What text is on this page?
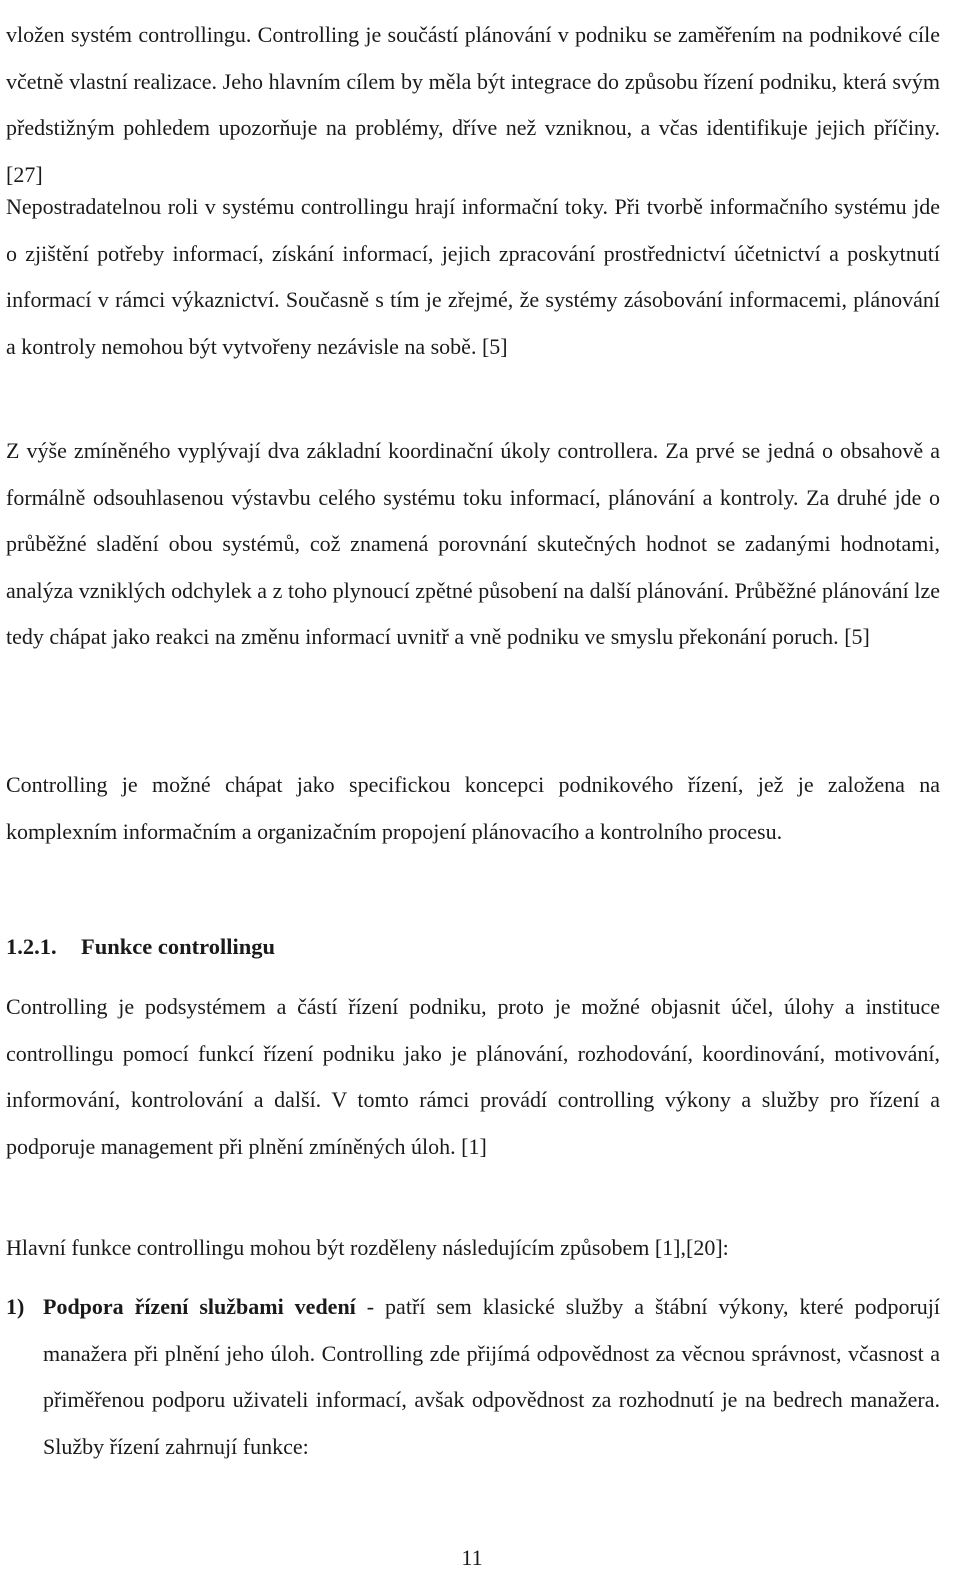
vložen systém controllingu. Controlling je součástí plánování v podniku se zaměřením na podnikové cíle včetně vlastní realizace. Jeho hlavním cílem by měla být integrace do způsobu řízení podniku, která svým předstižným pohledem upozorňuje na problémy, dříve než vzniknou, a včas identifikuje jejich příčiny.[27]

Nepostradatelnou roli v systému controllingu hrají informační toky. Při tvorbě informačního systému jde o zjištění potřeby informací, získání informací, jejich zpracování prostřednictví účetnictví a poskytnutí informací v rámci výkaznictví. Současně s tím je zřejmé, že systémy zásobování informacemi, plánování a kontroly nemohou být vytvořeny nezávisle na sobě. [5]

Z výše zmíněného vyplývají dva základní koordinační úkoly controllera. Za prvé se jedná o obsahově a formálně odsouhlasenou výstavbu celého systému toku informací, plánování a kontroly. Za druhé jde o průběžné sladění obou systémů, což znamená porovnání skutečných hodnot se zadanými hodnotami, analýza vzniklých odchylek a z toho plynoucí zpětné působení na další plánování. Průběžné plánování lze tedy chápat jako reakci na změnu informací uvnitř a vně podniku ve smyslu překonání poruch. [5]

Controlling je možné chápat jako specifickou koncepci podnikového řízení, jež je založena na komplexním informačním a organizačním propojení plánovacího a kontrolního procesu.

1.2.1.	Funkce controllingu

Controlling je podsystémem a částí řízení podniku, proto je možné objasnit účel, úlohy a instituce controllingu pomocí funkcí řízení podniku jako je plánování, rozhodování, koordinování, motivování, informování, kontrolování a další. V tomto rámci provádí controlling výkony a služby pro řízení a podporuje management při plnění zmíněných úloh. [1]

Hlavní funkce controllingu mohou být rozděleny následujícím způsobem [1],[20]:

1) Podpora řízení službami vedení - patří sem klasické služby a štábní výkony, které podporují manažera při plnění jeho úloh. Controlling zde přijímá odpovědnost za věcnou správnost, včasnost a přiměřenou podporu uživateli informací, avšak odpovědnost za rozhodnutí je na bedrech manažera. Služby řízení zahrnují funkce:
11
